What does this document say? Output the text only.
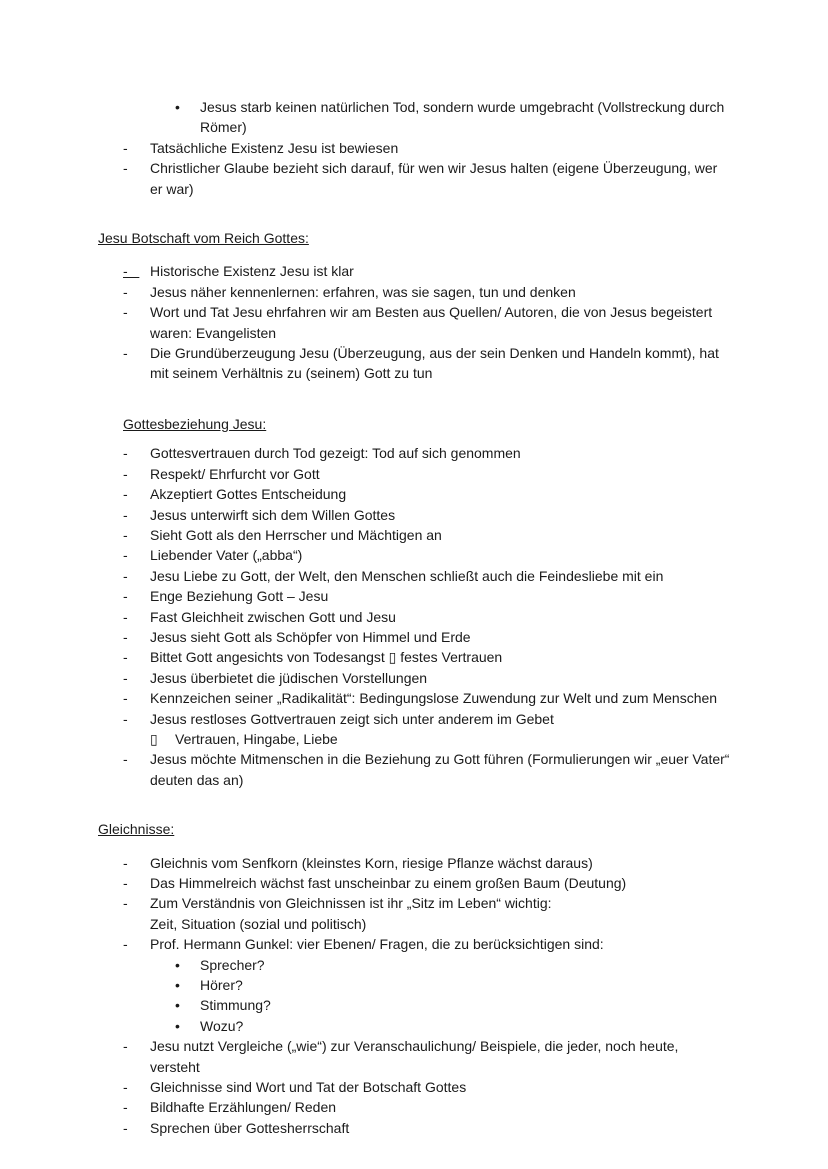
•	Jesus starb keinen natürlichen Tod, sondern wurde umgebracht (Vollstreckung durch Römer)
-	Tatsächliche Existenz Jesu ist bewiesen
-	Christlicher Glaube bezieht sich darauf, für wen wir Jesus halten (eigene Überzeugung, wer er war)
Jesu Botschaft vom Reich Gottes:
- Historische Existenz Jesu ist klar
-	Jesus näher kennenlernen: erfahren, was sie sagen, tun und denken
-	Wort und Tat Jesu ehrfahren wir am Besten aus Quellen/ Autoren, die von Jesus begeistert waren: Evangelisten
-	Die Grundüberzeugung Jesu (Überzeugung, aus der sein Denken und Handeln kommt), hat mit seinem Verhältnis zu (seinem) Gott zu tun
Gottesbeziehung Jesu:
-	Gottesvertrauen durch Tod gezeigt: Tod auf sich genommen
-	Respekt/ Ehrfurcht vor Gott
-	Akzeptiert Gottes Entscheidung
-	Jesus unterwirft sich dem Willen Gottes
-	Sieht Gott als den Herrscher und Mächtigen an
-	Liebender Vater („abba“)
-	Jesu Liebe zu Gott, der Welt, den Menschen schließt auch die Feindesliebe mit ein
-	Enge Beziehung Gott – Jesu
-	Fast Gleichheit zwischen Gott und Jesu
-	Jesus sieht Gott als Schöpfer von Himmel und Erde
-	Bittet Gott angesichts von Todesangst ▯ festes Vertrauen
-	Jesus überbietet die jüdischen Vorstellungen
-	Kennzeichen seiner „Radikalität“: Bedingungslose Zuwendung zur Welt und zum Menschen
-	Jesus restloses Gottvertrauen zeigt sich unter anderem im Gebet
▯	Vertrauen, Hingabe, Liebe
-	Jesus möchte Mitmenschen in die Beziehung zu Gott führen (Formulierungen wir „euer Vater“ deuten das an)
Gleichnisse:
-	Gleichnis vom Senfkorn (kleinstes Korn, riesige Pflanze wächst daraus)
-	Das Himmelreich wächst fast unscheinbar zu einem großen Baum (Deutung)
-	Zum Verständnis von Gleichnissen ist ihr „Sitz im Leben“ wichtig:
Zeit, Situation (sozial und politisch)
-	Prof. Hermann Gunkel: vier Ebenen/ Fragen, die zu berücksichtigen sind:
•	Sprecher?
•	Hörer?
•	Stimmung?
•	Wozu?
-	Jesu nutzt Vergleiche („wie“) zur Veranschaulichung/ Beispiele, die jeder, noch heute, versteht
-	Gleichnisse sind Wort und Tat der Botschaft Gottes
-	Bildhafte Erzählungen/ Reden
-	Sprechen über Gottesherrschaft
